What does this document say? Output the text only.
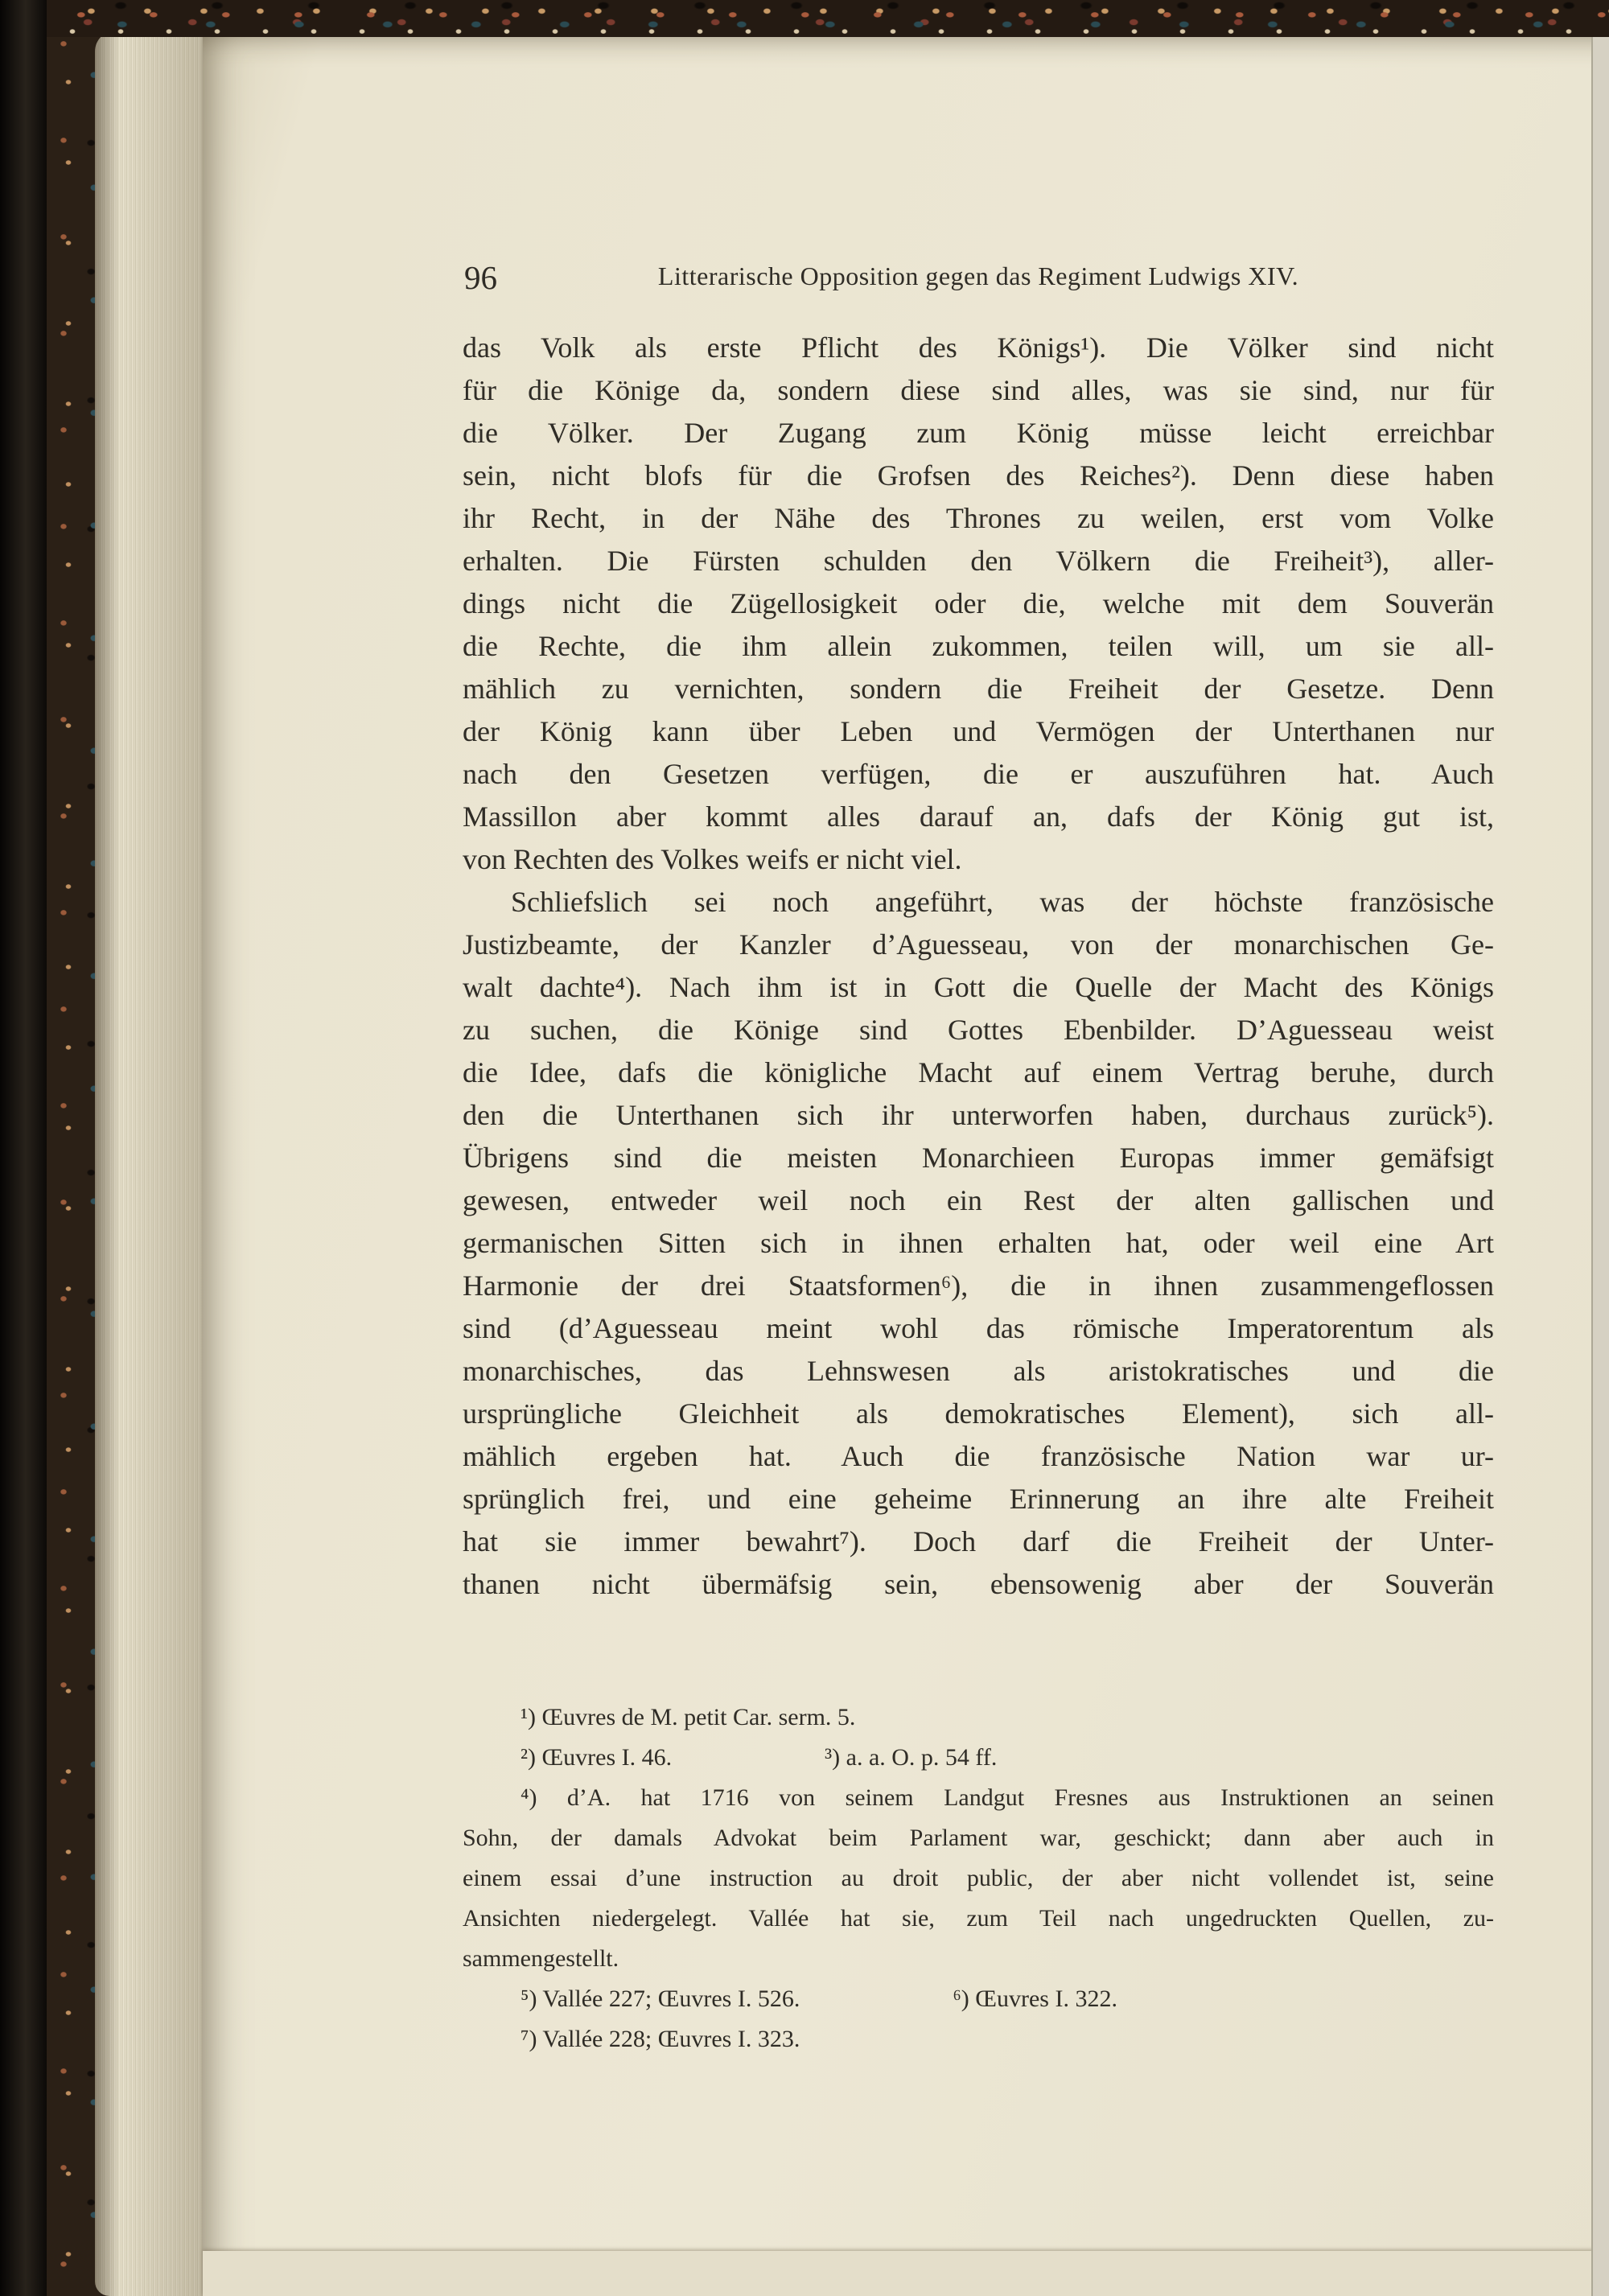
96	Litterarische Opposition gegen das Regiment Ludwigs XIV.
das Volk als erste Pflicht des Königs¹). Die Völker sind nicht
für die Könige da, sondern diese sind alles, was sie sind, nur für
die Völker. Der Zugang zum König müsse leicht erreichbar
sein, nicht blofs für die Grofsen des Reiches²). Denn diese haben
ihr Recht, in der Nähe des Thrones zu weilen, erst vom Volke
erhalten. Die Fürsten schulden den Völkern die Freiheit³), aller-
dings nicht die Zügellosigkeit oder die, welche mit dem Souverän
die Rechte, die ihm allein zukommen, teilen will, um sie all-
mählich zu vernichten, sondern die Freiheit der Gesetze. Denn
der König kann über Leben und Vermögen der Unterthanen nur
nach den Gesetzen verfügen, die er auszuführen hat. Auch
Massillon aber kommt alles darauf an, dafs der König gut ist,
von Rechten des Volkes weifs er nicht viel.
Schliefslich sei noch angeführt, was der höchste französische
Justizbeamte, der Kanzler d’Aguesseau, von der monarchischen Ge-
walt dachte⁴). Nach ihm ist in Gott die Quelle der Macht des Königs
zu suchen, die Könige sind Gottes Ebenbilder. D’Aguesseau weist
die Idee, dafs die königliche Macht auf einem Vertrag beruhe, durch
den die Unterthanen sich ihr unterworfen haben, durchaus zurück⁵).
Übrigens sind die meisten Monarchieen Europas immer gemäfsigt
gewesen, entweder weil noch ein Rest der alten gallischen und
germanischen Sitten sich in ihnen erhalten hat, oder weil eine Art
Harmonie der drei Staatsformen⁶), die in ihnen zusammengeflossen
sind (d’Aguesseau meint wohl das römische Imperatorentum als
monarchisches, das Lehnswesen als aristokratisches und die
ursprüngliche Gleichheit als demokratisches Element), sich all-
mählich ergeben hat. Auch die französische Nation war ur-
sprünglich frei, und eine geheime Erinnerung an ihre alte Freiheit
hat sie immer bewahrt⁷). Doch darf die Freiheit der Unter-
thanen nicht übermäfsig sein, ebensowenig aber der Souverän
¹) Œuvres de M. petit Car. serm. 5.
²) Œuvres I. 46.	³) a. a. O. p. 54 ff.
⁴) d’A. hat 1716 von seinem Landgut Fresnes aus Instruktionen an seinen
Sohn, der damals Advokat beim Parlament war, geschickt; dann aber auch in
einem essai d’une instruction au droit public, der aber nicht vollendet ist, seine
Ansichten niedergelegt. Vallée hat sie, zum Teil nach ungedruckten Quellen, zu-
sammengestellt.
⁵) Vallée 227; Œuvres I. 526.	⁶) Œuvres I. 322.
⁷) Vallée 228; Œuvres I. 323.
